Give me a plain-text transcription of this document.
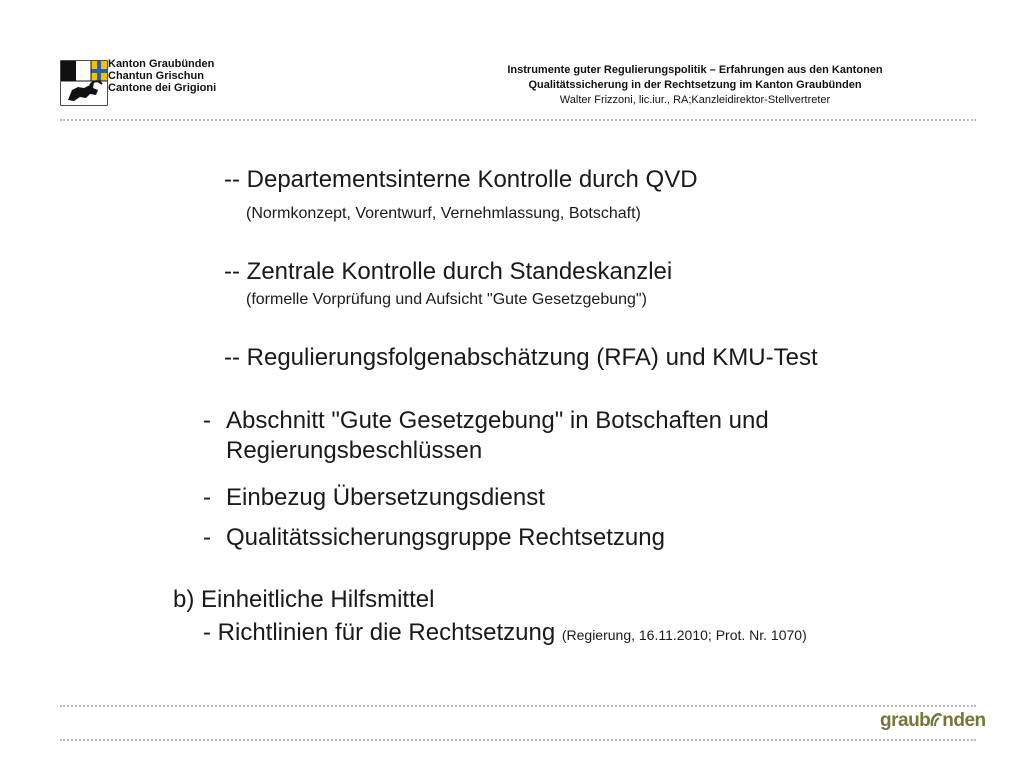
Kanton Graubünden
Chantun Grischun
Cantone dei Grigioni
Instrumente guter Regulierungspolitik – Erfahrungen aus den Kantonen
Qualitätssicherung in der Rechtsetzung im Kanton Graubünden
Walter Frizzoni, lic.iur., RA;Kanzleidirektor-Stellvertreter
-- Departementsinterne Kontrolle durch QVD
(Normkonzept, Vorentwurf, Vernehmlassung, Botschaft)
-- Zentrale Kontrolle durch Standeskanzlei
(formelle Vorprüfung und Aufsicht "Gute Gesetzgebung")
-- Regulierungsfolgenabschätzung (RFA) und KMU-Test
- Abschnitt "Gute Gesetzgebung" in Botschaften und
Regierungsbeschlüssen
- Einbezug Übersetzungsdienst
- Qualitätssicherungsgruppe Rechtsetzung
b) Einheitliche Hilfsmittel
- Richtlinien für die Rechtsetzung (Regierung, 16.11.2010; Prot. Nr. 1070)
graub nden
